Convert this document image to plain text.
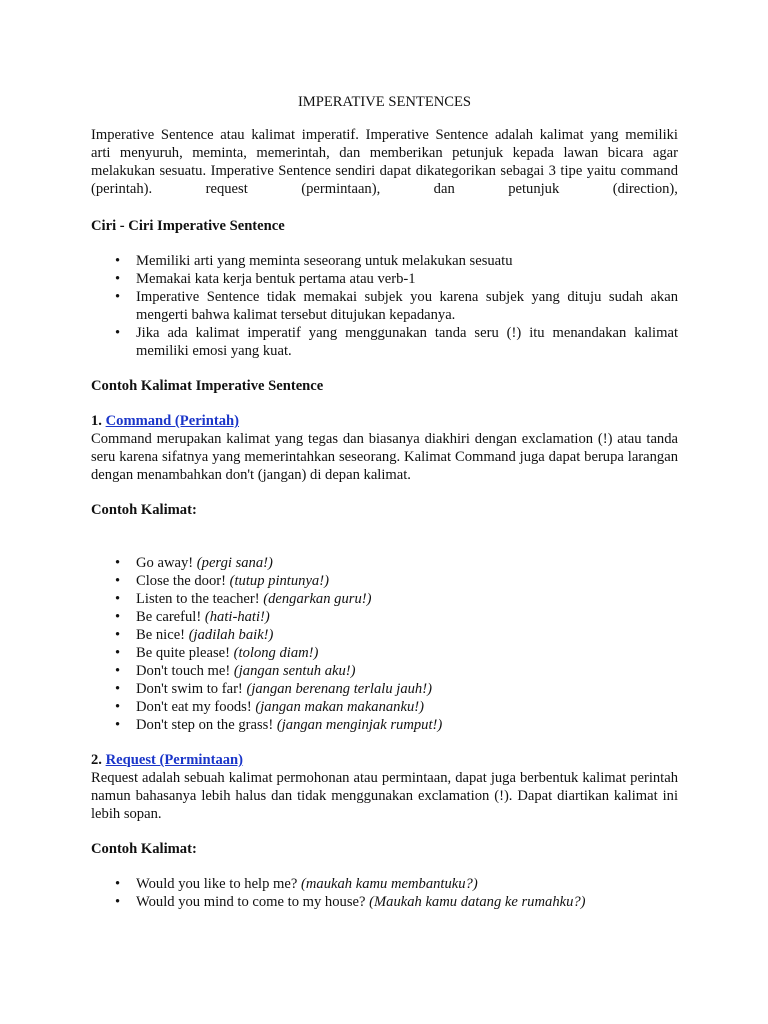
IMPERATIVE SENTENCES

Imperative Sentence atau kalimat imperatif. Imperative Sentence adalah kalimat yang memiliki

arti menyuruh, meminta, memerintah, dan memberikan petunjuk kepada lawan bicara agar

melakukan sesuatu. Imperative Sentence sendiri dapat dikategorikan sebagai 3 tipe yaitu command

(perintah).	request	(permintaan),	dan	petunjuk	(direction),

Ciri - Ciri Imperative Sentence
• Memiliki arti yang meminta seseorang untuk melakukan sesuatu
• Memakai kata kerja bentuk pertama atau verb-1
• Imperative Sentence tidak memakai subjek you karena subjek yang dituju sudah akan mengerti bahwa kalimat tersebut ditujukan kepadanya.
• Jika ada kalimat imperatif yang menggunakan tanda seru (!) itu menandakan kalimat memiliki emosi yang kuat.
Contoh Kalimat Imperative Sentence
1. Command (Perintah)

Command merupakan kalimat yang tegas dan biasanya diakhiri dengan exclamation (!) atau tanda seru karena sifatnya yang memerintahkan seseorang. Kalimat Command juga dapat berupa larangan dengan menambahkan don't (jangan) di depan kalimat.

Contoh Kalimat:
• Go away! (pergi sana!)
• Close the door! (tutup pintunya!)
• Listen to the teacher! (dengarkan guru!)
• Be careful! (hati-hati!)
• Be nice! (jadilah baik!)
• Be quite please! (tolong diam!)
• Don't touch me! (jangan sentuh aku!)
• Don't swim to far! (jangan berenang terlalu jauh!)
• Don't eat my foods! (jangan makan makananku!)
• Don't step on the grass! (jangan menginjak rumput!)
2. Request (Permintaan)

Request adalah sebuah kalimat permohonan atau permintaan, dapat juga berbentuk kalimat perintah namun bahasanya lebih halus dan tidak menggunakan exclamation (!). Dapat diartikan kalimat ini lebih sopan.

Contoh Kalimat:
• Would you like to help me? (maukah kamu membantuku?)
• Would you mind to come to my house? (Maukah kamu datang ke rumahku?)
